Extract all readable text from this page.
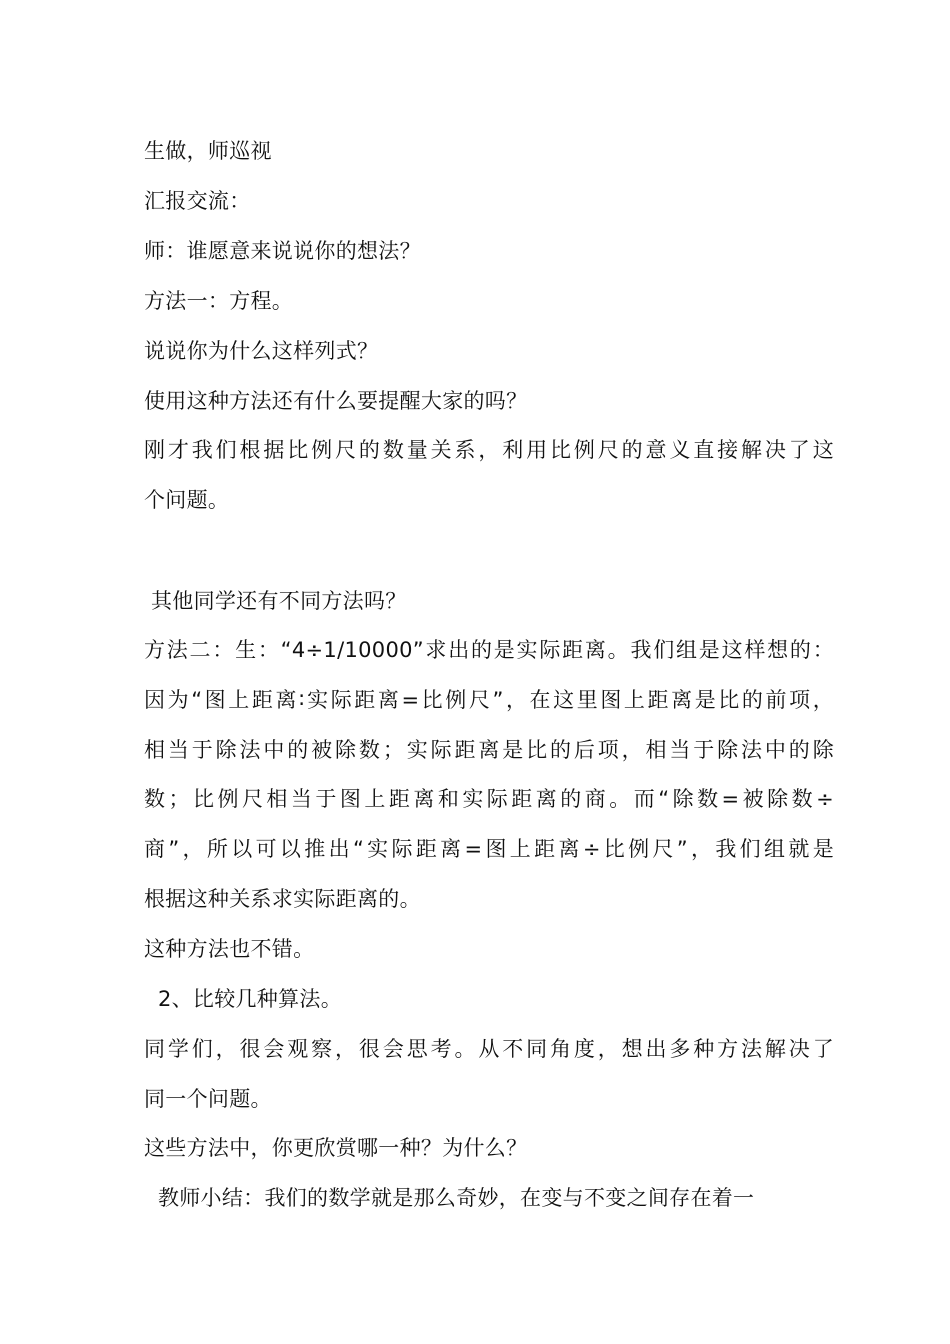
生做，师巡视
汇报交流：
师：谁愿意来说说你的想法？
方法一：方程。
说说你为什么这样列式？
使用这种方法还有什么要提醒大家的吗？
刚才我们根据比例尺的数量关系，利用比例尺的意义直接解决了这
个问题。
其他同学还有不同方法吗？
方法二：生：“4÷1/10000”求出的是实际距离。我们组是这样想的：
因为“图上距离∶实际距离=比例尺”，在这里图上距离是比的前项，
相当于除法中的被除数；实际距离是比的后项，相当于除法中的除
数；比例尺相当于图上距离和实际距离的商。而“除数=被除数÷
商”，所以可以推出“实际距离=图上距离÷比例尺”，我们组就是
根据这种关系求实际距离的。
这种方法也不错。
2、比较几种算法。
同学们，很会观察，很会思考。从不同角度，想出多种方法解决了
同一个问题。
这些方法中，你更欣赏哪一种？为什么？
教师小结：我们的数学就是那么奇妙，在变与不变之间存在着一
